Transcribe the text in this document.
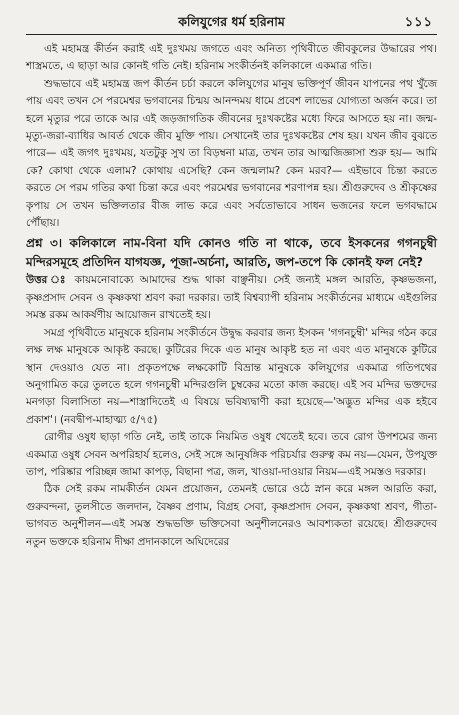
কলিযুগের ধর্ম হরিনাম	১১১

এই মহামন্ত্র কীর্তন করাই এই দুঃখময় জগতে এবং অনিত্য পৃথিবীতে জীবকুলের উদ্ধারের পথ। শাস্ত্রমতে, এ ছাড়া আর কোনই গতি নেই। হরিনাম সংকীর্তনই কলিকালে একমাত্র গতি।

শুদ্ধভাবে এই মহামন্ত্র জপ কীর্তন চর্চা করলে কলিযুগের মানুষ ভক্তিপূর্ণ জীবন যাপনের পথ খুঁজে পায় এবং তখন সে পরমেশ্বর ভগবানের চিন্ময় আনন্দময় ধামে প্রবেশ লাভের যোগ্যতা অর্জন করে। তা হলে মৃত্যুর পরে তাকে আর এই জড়জাগতিক জীবনের দুঃখকষ্টের মধ্যে ফিরে আসতে হয় না। জন্ম-মৃত্যু-জরা-ব্যাধির আবর্ত থেকে জীব মুক্তি পায়। সেখানেই তার দুঃখকষ্টের শেষ হয়। যখন জীব বুঝতে পারে— এই জগৎ দুঃখময়, যতটুকু সুখ তা বিড়ম্বনা মাত্র, তখন তার আত্মজিজ্ঞাসা শুরু হয়— আমি কে? কোথা থেকে এলাম? কোথায় এসেছি? কেন জন্মলাম? কেন মরব?— এইভাবে চিন্তা করতে করতে সে পরম গতির কথা চিন্তা করে এবং পরমেশ্বর ভগবানের শরণাপন্ন হয়। শ্রীগুরুদেব ও শ্রীকৃষ্ণের কৃপায় সে তখন ভক্তিলতার বীজ লাভ করে এবং সর্বতোভাবে সাধন ভজনের ফলে ভগবদ্ধামে পৌঁছায়।

প্রশ্ন ৩। কলিকালে নাম-বিনা যদি কোনও গতি না থাকে, তবে ইসকনের গগনচুম্বী মন্দিরসমূহে প্রতিদিন যাগযজ্ঞ, পূজা-অর্চনা, আরতি, জপ-তপে কি কোনই ফল নেই?

উত্তর ঃ কায়মনোবাক্যে আমাদের শুদ্ধ থাকা বাঞ্ছনীয়। সেই জন্যই মঙ্গল আরতি, কৃষ্ণভজনা, কৃষ্ণপ্রসাদ সেবন ও কৃষ্ণকথা শ্রবণ করা দরকার। তাই বিশ্বব্যাপী হরিনাম সংকীর্তনের মাধ্যমে এইগুলির সমস্ত রকম আকর্ষণীয় আয়োজন রাখতেই হয়।

সমগ্র পৃথিবীতে মানুষকে হরিনাম সংকীর্তনে উদ্বুদ্ধ করবার জন্য ইসকন 'গগনচুম্বী' মন্দির গঠন করে লক্ষ লক্ষ মানুষকে আকৃষ্ট করছে। কুটিরের দিকে এত মানুষ আকৃষ্ট হত না এবং এত মানুষকে কুটিরে স্থান দেওয়াও যেত না। প্রকৃতপক্ষে লক্ষকোটি বিভ্রান্ত মানুষকে কলিযুগের একমাত্র গতিপথের অনুগামিত করে তুলতে হলে গগনচুম্বী মন্দিরগুলি চুম্বকের মতো কাজ করছে। এই সব মন্দির ভক্তদের মনগড়া বিলাসিতা নয়—শাস্ত্রাদিতেই এ বিষয়ে ভবিষ্যদ্বাণী করা হয়েছে—'অদ্ভুত মন্দির এক হইবে প্রকাশ'। (নবদ্বীপ-মাহাত্ম্য ৫/৭৫)

রোগীর ওষুধ ছাড়া গতি নেই, তাই তাকে নিয়মিত ওষুধ খেতেই হবে। তবে রোগ উপশমের জন্য একমাত্র ওষুধ সেবন অপরিহার্য হলেও, সেই সঙ্গে আনুষঙ্গিক পরিচর্যার গুরুত্ব কম নয়—যেমন, উপযুক্ত তাপ, পরিষ্কার পরিচ্ছন্ন জামা কাপড়, বিছানা পত্র, জল, খাওয়া-দাওয়ার নিয়ম—এই সমস্তও দরকার।

ঠিক সেই রকম নামকীর্তন যেমন প্রয়োজন, তেমনই ভোরে ওঠে স্নান করে মঙ্গল আরতি করা, গুরুবন্দনা, তুলসীতে জলদান, বৈষ্ণব প্রণাম, বিগ্রহ সেবা, কৃষ্ণপ্রসাদ সেবন, কৃষ্ণকথা শ্রবণ, গীতা-ভাগবত অনুশীলন—এই সমস্ত শুদ্ধভক্তি ভক্তিসেবা অনুশীলনেরও আবশ্যকতা রয়েছে। শ্রীগুরুদেব নতুন ভক্তকে হরিনাম দীক্ষা প্রদানকালে অঘিদেরের
